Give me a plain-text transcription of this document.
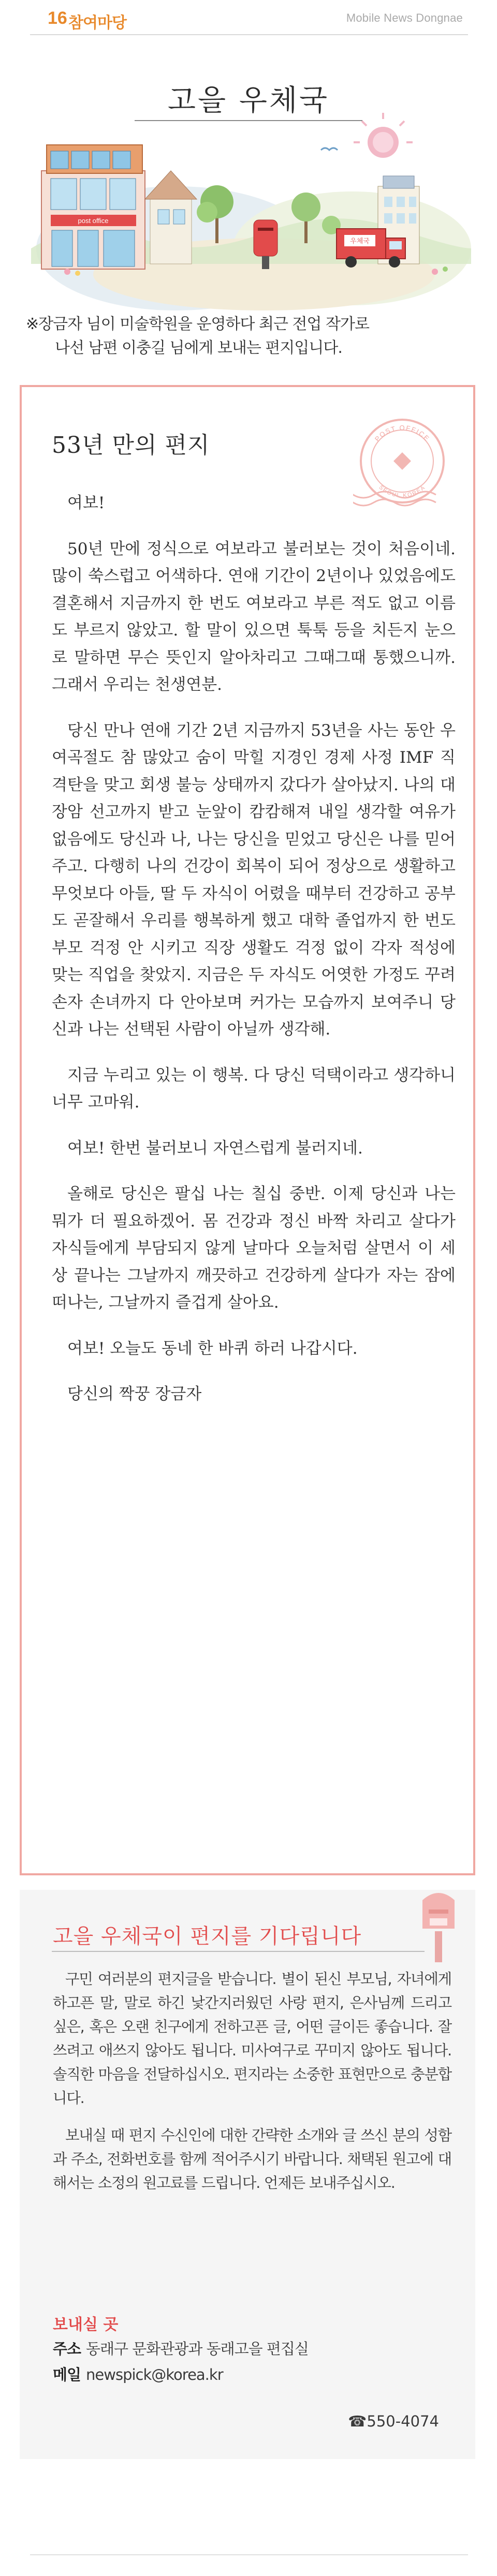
16 참여마당	Mobile News Dongnae
post office
우체국
고을 우체국

※장금자 님이 미술학원을 운영하다 최근 전업 작가로

나선 남편 이충길 님에게 보내는 편지입니다.

53년 만의 편지	POST OFFICE
SEOUL KOREA

여보!

50년 만에 정식으로 여보라고 불러보는 것이 처음이네. 많이 쑥스럽고 어색하다. 연애 기간이 2년이나 있었음에도 결혼해서 지금까지 한 번도 여보라고 부른 적도 없고 이름도 부르지 않았고. 할 말이 있으면 툭툭 등을 치든지 눈으로 말하면 무슨 뜻인지 알아차리고 그때그때 통했으니까. 그래서 우리는 천생연분.

당신 만나 연애 기간 2년 지금까지 53년을 사는 동안 우여곡절도 참 많았고 숨이 막힐 지경인 경제 사정 IMF 직격탄을 맞고 회생 불능 상태까지 갔다가 살아났지. 나의 대장암 선고까지 받고 눈앞이 캄캄해져 내일 생각할 여유가 없음에도 당신과 나, 나는 당신을 믿었고 당신은 나를 믿어 주고. 다행히 나의 건강이 회복이 되어 정상으로 생활하고 무엇보다 아들, 딸 두 자식이 어렸을 때부터 건강하고 공부도 곧잘해서 우리를 행복하게 했고 대학 졸업까지 한 번도 부모 걱정 안 시키고 직장 생활도 걱정 없이 각자 적성에 맞는 직업을 찾았지. 지금은 두 자식도 어엿한 가정도 꾸려 손자 손녀까지 다 안아보며 커가는 모습까지 보여주니 당신과 나는 선택된 사람이 아닐까 생각해.

지금 누리고 있는 이 행복. 다 당신 덕택이라고 생각하니 너무 고마워.

여보! 한번 불러보니 자연스럽게 불러지네.

올해로 당신은 팔십 나는 칠십 중반. 이제 당신과 나는 뭐가 더 필요하겠어. 몸 건강과 정신 바짝 차리고 살다가 자식들에게 부담되지 않게 날마다 오늘처럼 살면서 이 세상 끝나는 그날까지 깨끗하고 건강하게 살다가 자는 잠에 떠나는, 그날까지 즐겁게 살아요.

여보! 오늘도 동네 한 바퀴 하러 나갑시다.

당신의 짝꿍 장금자

고을 우체국이 편지를 기다립니다

구민 여러분의 편지글을 받습니다. 별이 된신 부모님, 자녀에게 하고픈 말, 말로 하긴 낯간지러웠던 사랑 편지, 은사님께 드리고 싶은, 혹은 오랜 친구에게 전하고픈 글, 어떤 글이든 좋습니다. 잘 쓰려고 애쓰지 않아도 됩니다. 미사여구로 꾸미지 않아도 됩니다. 솔직한 마음을 전달하십시오. 편지라는 소중한 표현만으로 충분합니다.

보내실 때 편지 수신인에 대한 간략한 소개와 글 쓰신 분의 성함과 주소, 전화번호를 함께 적어주시기 바랍니다. 채택된 원고에 대해서는 소정의 원고료를 드립니다. 언제든 보내주십시오.

보내실 곳
주소 동래구 문화관광과 동래고을 편집실
메일 newspick@korea.kr
☎550-4074
